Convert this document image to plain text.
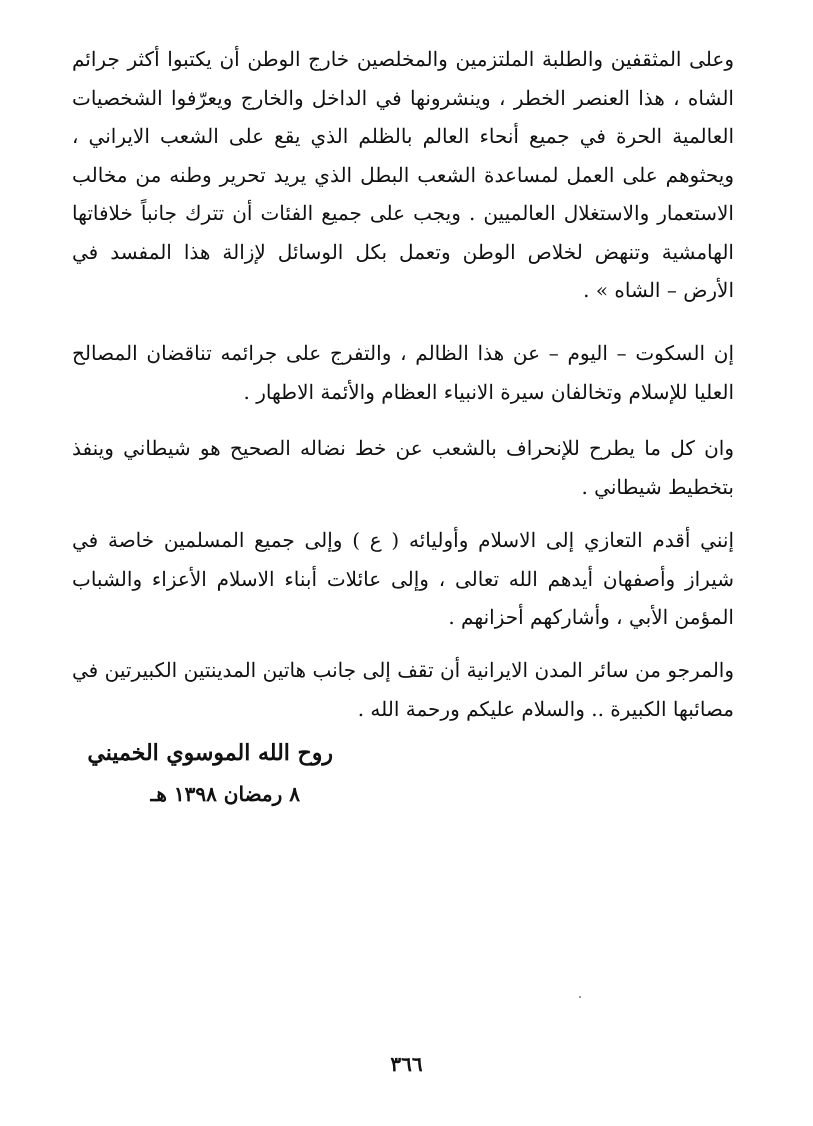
وعلى المثقفين والطلبة الملتزمين والمخلصين خارج الوطن أن يكتبوا أكثر جرائم الشاه ، هذا العنصر الخطر ، وينشرونها في الداخل والخارج ويعرّفوا الشخصيات العالمية الحرة في جميع أنحاء العالم بالظلم الذي يقع على الشعب الايراني ، ويحثوهم على العمل لمساعدة الشعب البطل الذي يريد تحرير وطنه من مخالب الاستعمار والاستغلال العالميين . ويجب على جميع الفئات أن تترك جانباً خلافاتها الهامشية وتنهض لخلاص الوطن وتعمل بكل الوسائل لإزالة هذا المفسد في الأرض – الشاه » .

إن السكوت – اليوم – عن هذا الظالم ، والتفرج على جرائمه تناقضان المصالح العليا للإسلام وتخالفان سيرة الانبياء العظام والأئمة الاطهار .

وان كل ما يطرح للإنحراف بالشعب عن خط نضاله الصحيح هو شيطاني وينفذ بتخطيط شيطاني .

إنني أقدم التعازي إلى الاسلام وأوليائه ( ع ) وإلى جميع المسلمين خاصة في شيراز وأصفهان أيدهم الله تعالى ، وإلى عائلات أبناء الاسلام الأعزاء والشباب المؤمن الأبي ، وأشاركهم أحزانهم .

والمرجو من سائر المدن الايرانية أن تقف إلى جانب هاتين المدينتين الكبيرتين في مصائبها الكبيرة .. والسلام عليكم ورحمة الله .

روح الله الموسوي الخميني
٨ رمضان ١٣٩٨ هـ
٣٦٦
